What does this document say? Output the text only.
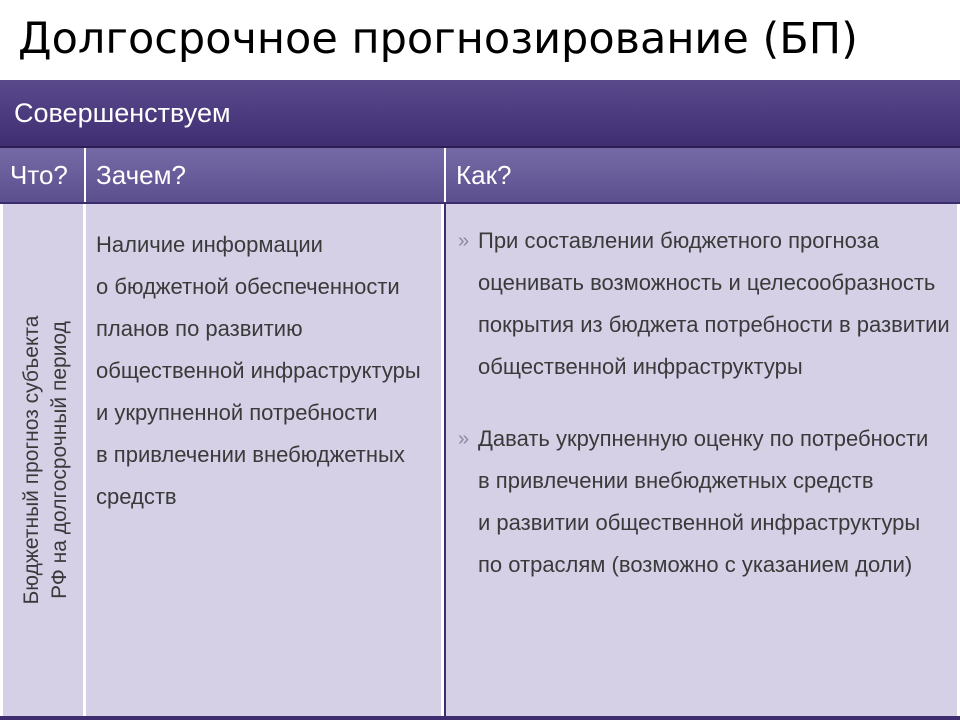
Долгосрочное прогнозирование (БП)
Совершенствуем
Что? Зачем?	Как?
Бюджетный прогноз субъекта РФ на долгосрочный период
Наличие информации
о бюджетной обеспеченности
планов по развитию
общественной инфраструктуры
и укрупненной потребности
в привлечении внебюджетных
средств
» При составлении бюджетного прогноза
оценивать возможность и целесообразность
покрытия из бюджета потребности в развитии
общественной инфраструктуры
» Давать укрупненную оценку по потребности
в привлечении внебюджетных средств
и развитии общественной инфраструктуры
по отраслям (возможно с указанием доли)
